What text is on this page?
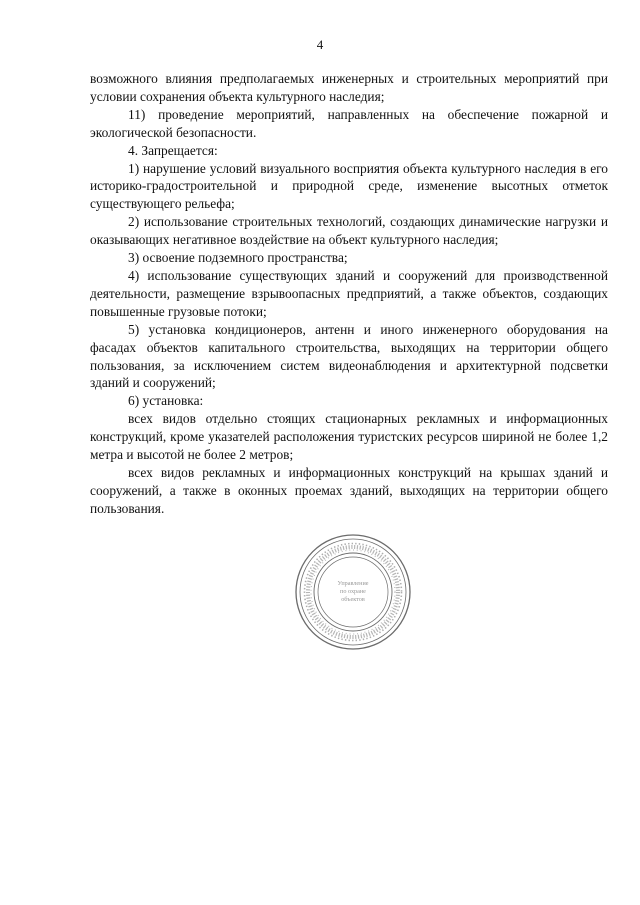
4

возможного влияния предполагаемых инженерных и строительных мероприятий при условии сохранения объекта культурного наследия;

11) проведение мероприятий, направленных на обеспечение пожарной и экологической безопасности.

4. Запрещается:

1) нарушение условий визуального восприятия объекта культурного наследия в его историко-градостроительной и природной среде, изменение высотных отметок существующего рельефа;

2) использование строительных технологий, создающих динамические нагрузки и оказывающих негативное воздействие на объект культурного наследия;

3) освоение подземного пространства;

4) использование существующих зданий и сооружений для производственной деятельности, размещение взрывоопасных предприятий, а также объектов, создающих повышенные грузовые потоки;

5) установка кондиционеров, антенн и иного инженерного оборудования на фасадах объектов капитального строительства, выходящих на территории общего пользования, за исключением систем видеонаблюдения и архитектурной подсветки зданий и сооружений;

6) установка:

всех видов отдельно стоящих стационарных рекламных и информационных конструкций, кроме указателей расположения туристских ресурсов шириной не более 1,2 метра и высотой не более 2 метров;

всех видов рекламных и информационных конструкций на крышах зданий и сооружений, а также в оконных проемах зданий, выходящих на территории общего пользования.

Управление
по охране
объектов
